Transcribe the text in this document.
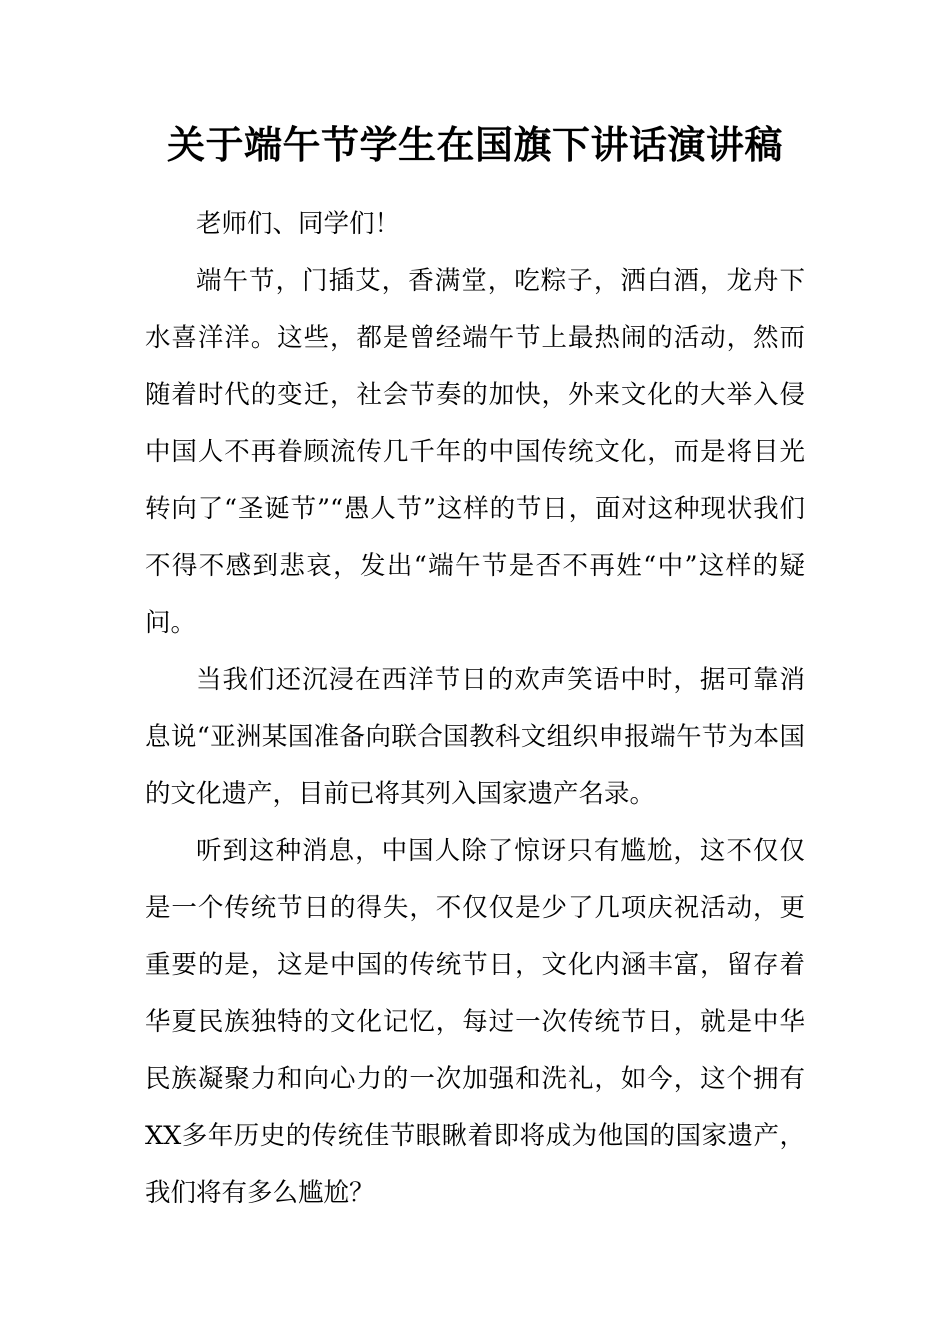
关于端午节学生在国旗下讲话演讲稿

老师们、同学们！

端午节，门插艾，香满堂，吃粽子，洒白酒，龙舟下水喜洋洋。这些，都是曾经端午节上最热闹的活动，然而随着时代的变迁，社会节奏的加快，外来文化的大举入侵中国人不再眷顾流传几千年的中国传统文化，而是将目光转向了“圣诞节”“愚人节”这样的节日，面对这种现状我们不得不感到悲哀，发出“端午节是否不再姓“中”这样的疑问。

当我们还沉浸在西洋节日的欢声笑语中时，据可靠消息说“亚洲某国准备向联合国教科文组织申报端午节为本国的文化遗产，目前已将其列入国家遗产名录。

听到这种消息，中国人除了惊讶只有尴尬，这不仅仅是一个传统节日的得失，不仅仅是少了几项庆祝活动，更重要的是，这是中国的传统节日，文化内涵丰富，留存着华夏民族独特的文化记忆，每过一次传统节日，就是中华民族凝聚力和向心力的一次加强和洗礼，如今，这个拥有XX多年历史的传统佳节眼瞅着即将成为他国的国家遗产，我们将有多么尴尬？
